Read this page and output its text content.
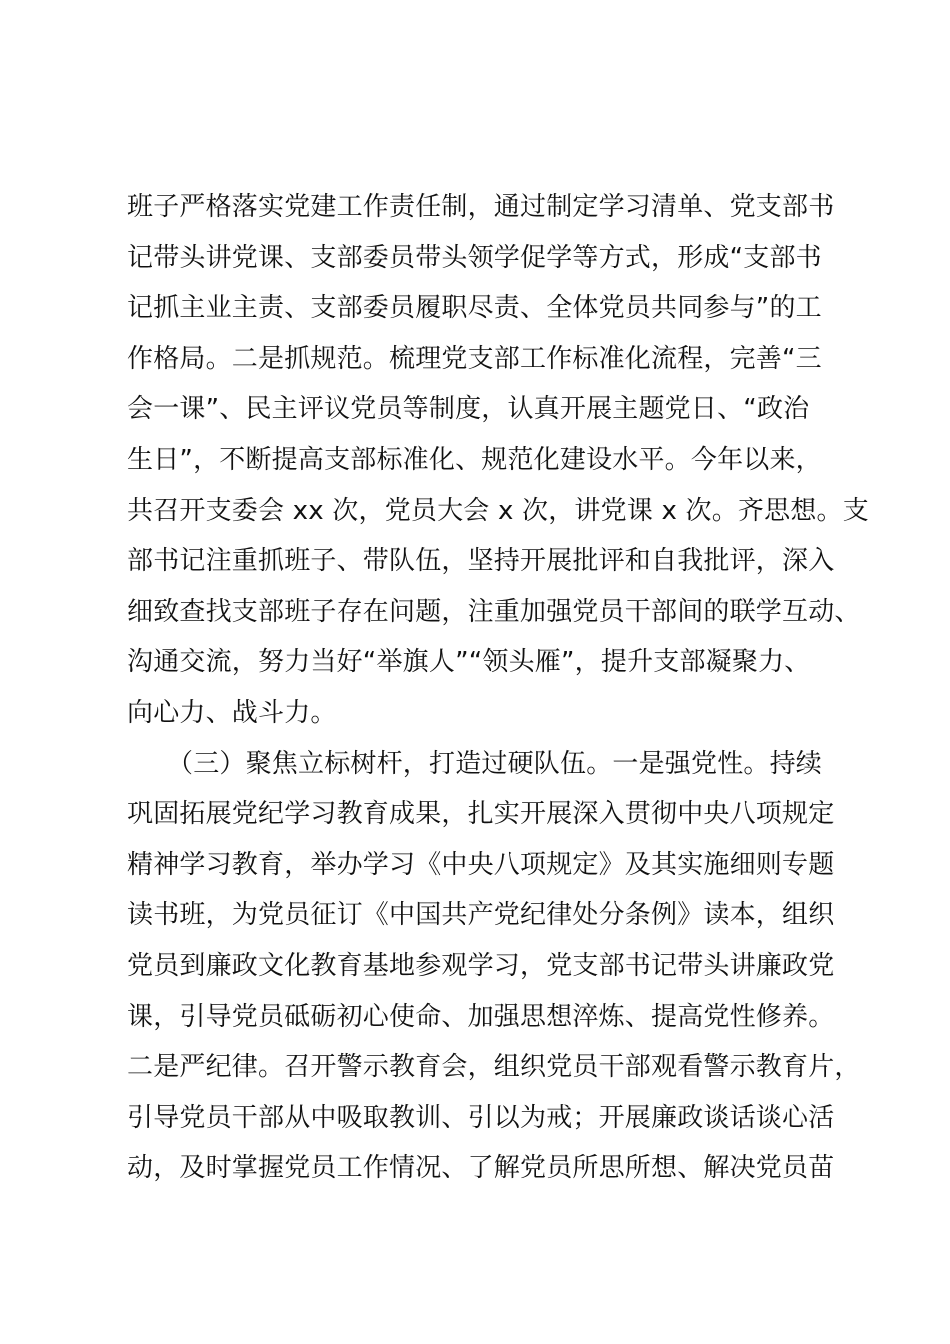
班子严格落实党建工作责任制，通过制定学习清单、党支部书
记带头讲党课、支部委员带头领学促学等方式，形成“支部书
记抓主业主责、支部委员履职尽责、全体党员共同参与”的工
作格局。二是抓规范。梳理党支部工作标准化流程，完善“三
会一课”、民主评议党员等制度，认真开展主题党日、“政治
生日”，不断提高支部标准化、规范化建设水平。今年以来，
共召开支委会 xx 次，党员大会 x 次，讲党课 x 次。齐思想。支
部书记注重抓班子、带队伍，坚持开展批评和自我批评，深入
细致查找支部班子存在问题，注重加强党员干部间的联学互动、
沟通交流，努力当好“举旗人”“领头雁”，提升支部凝聚力、
向心力、战斗力。
（三）聚焦立标树杆，打造过硬队伍。一是强党性。持续
巩固拓展党纪学习教育成果，扎实开展深入贯彻中央八项规定
精神学习教育，举办学习《中央八项规定》及其实施细则专题
读书班，为党员征订《中国共产党纪律处分条例》读本，组织
党员到廉政文化教育基地参观学习，党支部书记带头讲廉政党
课，引导党员砥砺初心使命、加强思想淬炼、提高党性修养。
二是严纪律。召开警示教育会，组织党员干部观看警示教育片，
引导党员干部从中吸取教训、引以为戒；开展廉政谈话谈心活
动，及时掌握党员工作情况、了解党员所思所想、解决党员苗
